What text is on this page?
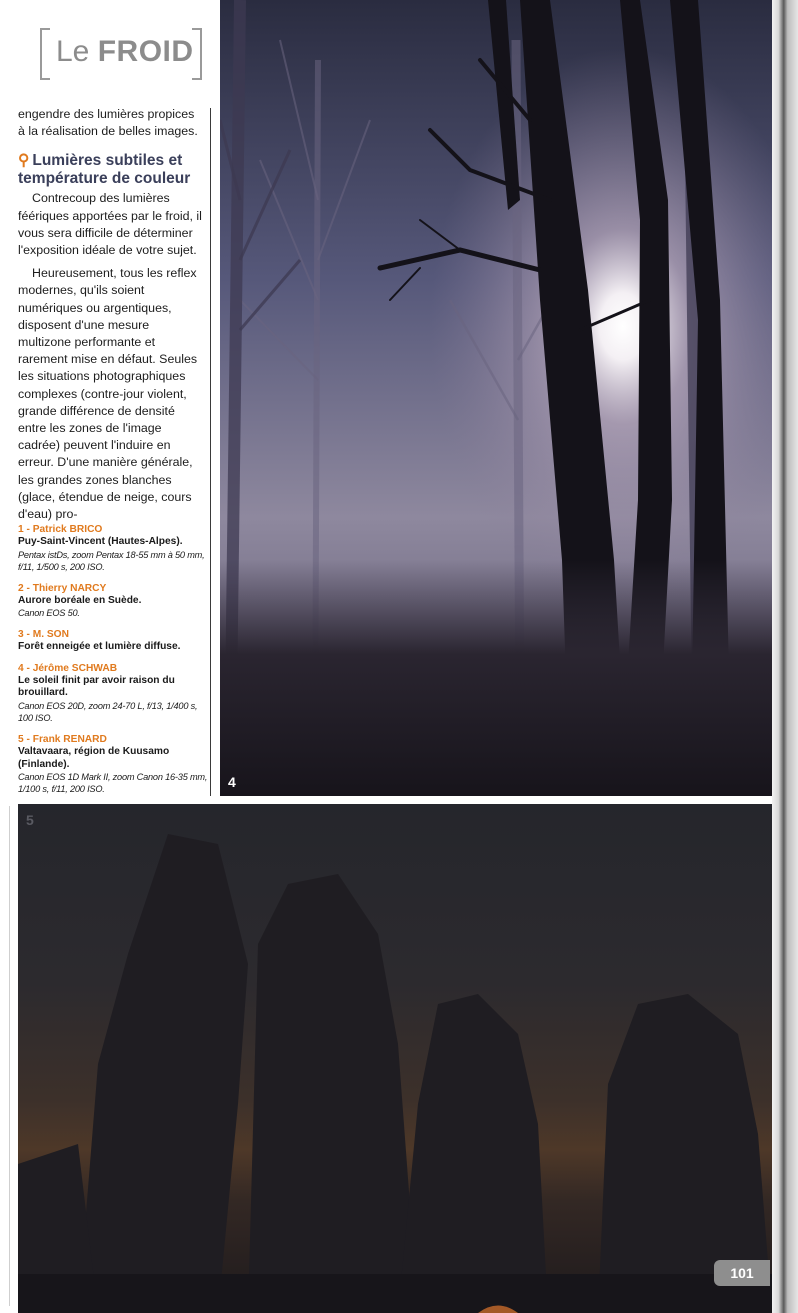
Le FROID

engendre des lumières propices à la réalisation de belles images.

⚲ Lumières subtiles et température de couleur

Contrecoup des lumières féériques apportées par le froid, il vous sera difficile de déterminer l'exposition idéale de votre sujet.

Heureusement, tous les reflex modernes, qu'ils soient numériques ou argentiques, disposent d'une mesure multizone performante et rarement mise en défaut. Seules les situations photographiques complexes (contre-jour violent, grande différence de densité entre les zones de l'image cadrée) peuvent l'induire en erreur. D'une manière générale, les grandes zones blanches (glace, étendue de neige, cours d'eau) pro-

1 - Patrick BRICO
Puy-Saint-Vincent (Hautes-Alpes).
Pentax istDs, zoom Pentax 18-55 mm à 50 mm, f/11, 1/500 s, 200 ISO.
2 - Thierry NARCY
Aurore boréale en Suède.
Canon EOS 50.
3 - M. SON
Forêt enneigée et lumière diffuse.
4 - Jérôme SCHWAB
Le soleil finit par avoir raison du brouillard.
Canon EOS 20D, zoom 24-70 L, f/13, 1/400 s, 100 ISO.
5 - Frank RENARD
Valtavaara, région de Kuusamo (Finlande).
Canon EOS 1D Mark II, zoom Canon 16-35 mm, 1/100 s, f/11, 200 ISO.	4
5
101
